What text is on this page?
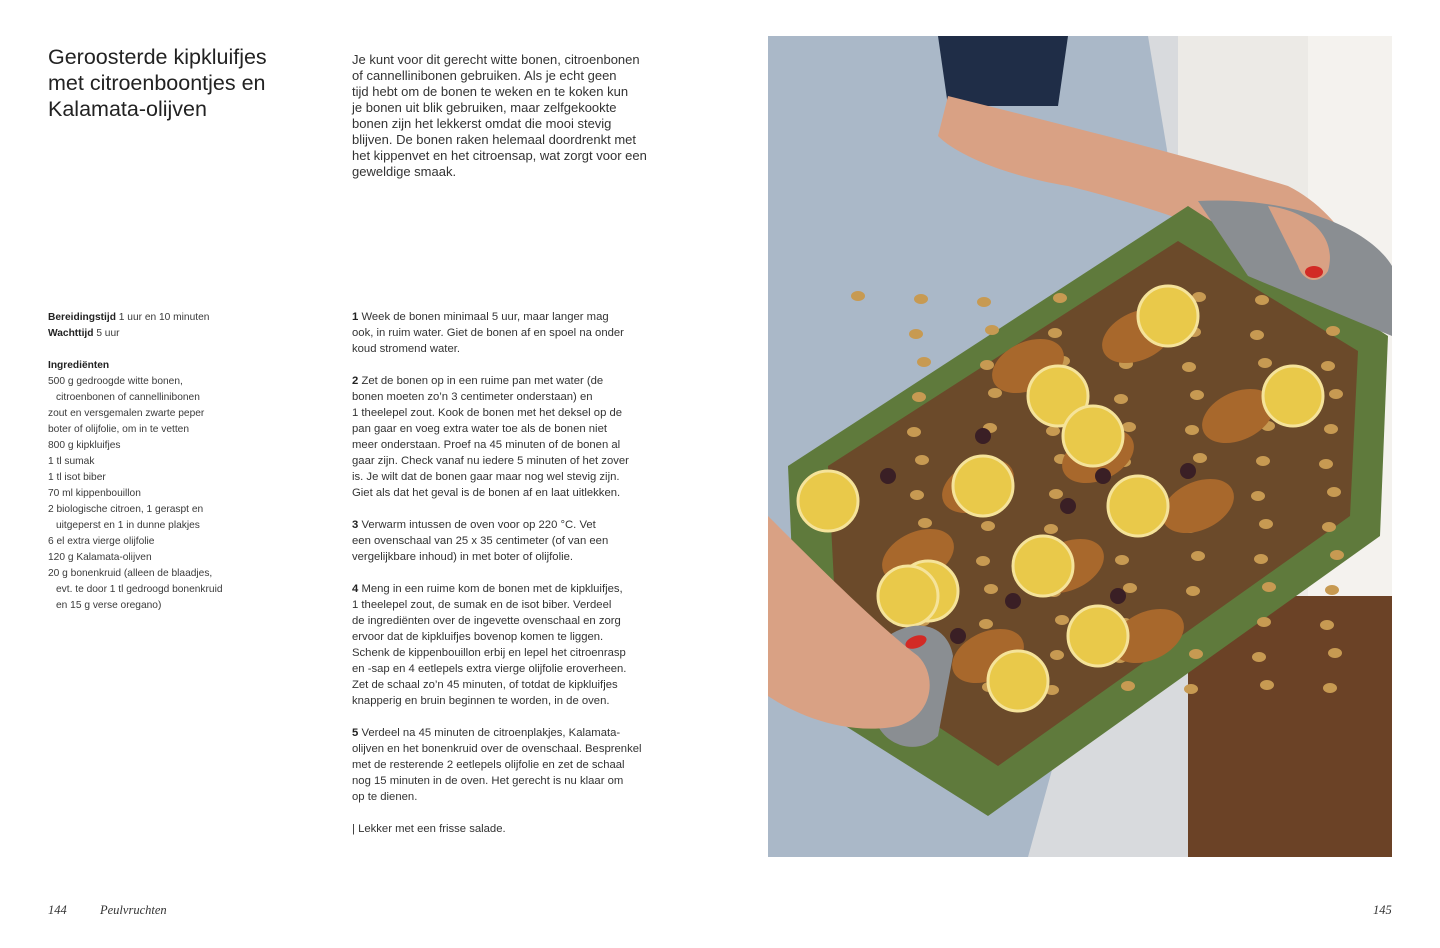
Geroosterde kipkluifjes
met citroenboontjes en
Kalamata-olijven
Je kunt voor dit gerecht witte bonen, citroenbonen
of cannellinibonen gebruiken. Als je echt geen
tijd hebt om de bonen te weken en te koken kun
je bonen uit blik gebruiken, maar zelfgekookte
bonen zijn het lekkerst omdat die mooi stevig
blijven. De bonen raken helemaal doordrenkt met
het kippenvet en het citroensap, wat zorgt voor een
geweldige smaak.
Bereidingstijd 1 uur en 10 minuten
Wachttijd 5 uur
Ingrediënten
500 g gedroogde witte bonen,
citroenbonen of cannellinibonen
zout en versgemalen zwarte peper
boter of olijfolie, om in te vetten
800 g kipkluifjes
1 tl sumak
1 tl isot biber
70 ml kippenbouillon
2 biologische citroen, 1 geraspt en
uitgeperst en 1 in dunne plakjes
6 el extra vierge olijfolie
120 g Kalamata-olijven
20 g bonenkruid (alleen de blaadjes,
evt. te door 1 tl gedroogd bonenkruid
en 15 g verse oregano)
1 Week de bonen minimaal 5 uur, maar langer mag
ook, in ruim water. Giet de bonen af en spoel na onder
koud stromend water.
2 Zet de bonen op in een ruime pan met water (de
bonen moeten zo’n 3 centimeter onderstaan) en
1 theelepel zout. Kook de bonen met het deksel op de
pan gaar en voeg extra water toe als de bonen niet
meer onderstaan. Proef na 45 minuten of de bonen al
gaar zijn. Check vanaf nu iedere 5 minuten of het zover
is. Je wilt dat de bonen gaar maar nog wel stevig zijn.
Giet als dat het geval is de bonen af en laat uitlekken.
3 Verwarm intussen de oven voor op 220 °C. Vet
een ovenschaal van 25 x 35 centimeter (of van een
vergelijkbare inhoud) in met boter of olijfolie.
4 Meng in een ruime kom de bonen met de kipkluifjes,
1 theelepel zout, de sumak en de isot biber. Verdeel
de ingrediënten over de ingevette ovenschaal en zorg
ervoor dat de kipkluifjes bovenop komen te liggen.
Schenk de kippenbouillon erbij en lepel het citroenrasp
en -sap en 4 eetlepels extra vierge olijfolie eroverheen.
Zet de schaal zo’n 45 minuten, of totdat de kipkluifjes
knapperig en bruin beginnen te worden, in de oven.
5 Verdeel na 45 minuten de citroenplakjes, Kalamata-
olijven en het bonenkruid over de ovenschaal. Besprenkel
met de resterende 2 eetlepels olijfolie en zet de schaal
nog 15 minuten in de oven. Het gerecht is nu klaar om
op te dienen.
| Lekker met een frisse salade.
144	Peulvruchten	145
